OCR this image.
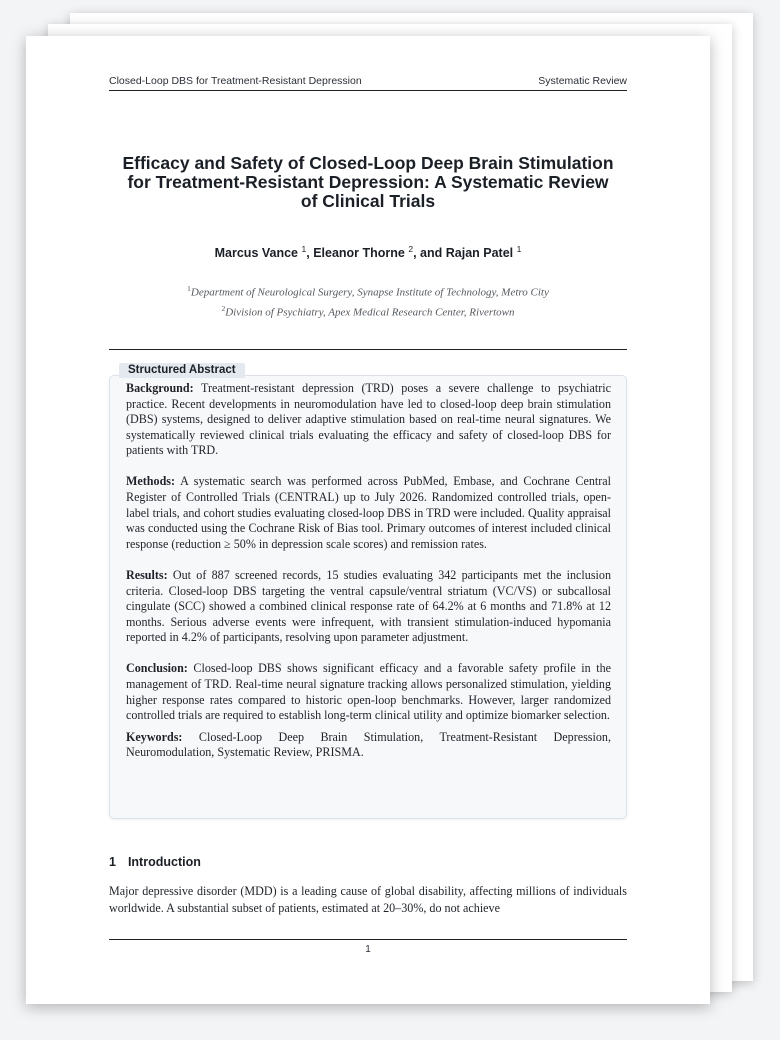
Closed-Loop DBS for Treatment-Resistant Depression	Systematic Review
Efficacy and Safety of Closed-Loop Deep Brain Stimulation
for Treatment-Resistant Depression: A Systematic Review
of Clinical Trials
Marcus Vance $^1$, Eleanor Thorne $^2$, and Rajan Patel $^1$
$^1$Department of Neurological Surgery, Synapse Institute of Technology, Metro City
$^2$Division of Psychiatry, Apex Medical Research Center, Rivertown
Structured Abstract

Background: Treatment-resistant depression (TRD) poses a severe challenge to psychiatric practice. Recent developments in neuromodulation have led to closed-loop deep brain stimulation (DBS) systems, designed to deliver adaptive stimulation based on real-time neural signatures. We systematically reviewed clinical trials evaluating the efficacy and safety of closed-loop DBS for patients with TRD.

Methods: A systematic search was performed across PubMed, Embase, and Cochrane Central Register of Controlled Trials (CENTRAL) up to July 2026. Randomized controlled trials, open-label trials, and cohort studies evaluating closed-loop DBS in TRD were included. Quality appraisal was conducted using the Cochrane Risk of Bias tool. Primary outcomes of interest included clinical response (reduction ≥ 50% in depression scale scores) and remission rates.

Results: Out of 887 screened records, 15 studies evaluating 342 participants met the inclusion criteria. Closed-loop DBS targeting the ventral capsule/ventral striatum (VC/VS) or subcallosal cingulate (SCC) showed a combined clinical response rate of 64.2% at 6 months and 71.8% at 12 months. Serious adverse events were infrequent, with transient stimulation-induced hypomania reported in 4.2% of participants, resolving upon parameter adjustment.

Conclusion: Closed-loop DBS shows significant efficacy and a favorable safety profile in the management of TRD. Real-time neural signature tracking allows personalized stimulation, yielding higher response rates compared to historic open-loop benchmarks. However, larger randomized controlled trials are required to establish long-term clinical utility and optimize biomarker selection.

Keywords: Closed-Loop Deep Brain Stimulation, Treatment-Resistant Depression, Neuromodulation, Systematic Review, PRISMA.

1 Introduction
Major depressive disorder (MDD) is a leading cause of global disability, affecting millions of individuals worldwide. A substantial subset of patients, estimated at 20–30%, do not achieve
1
